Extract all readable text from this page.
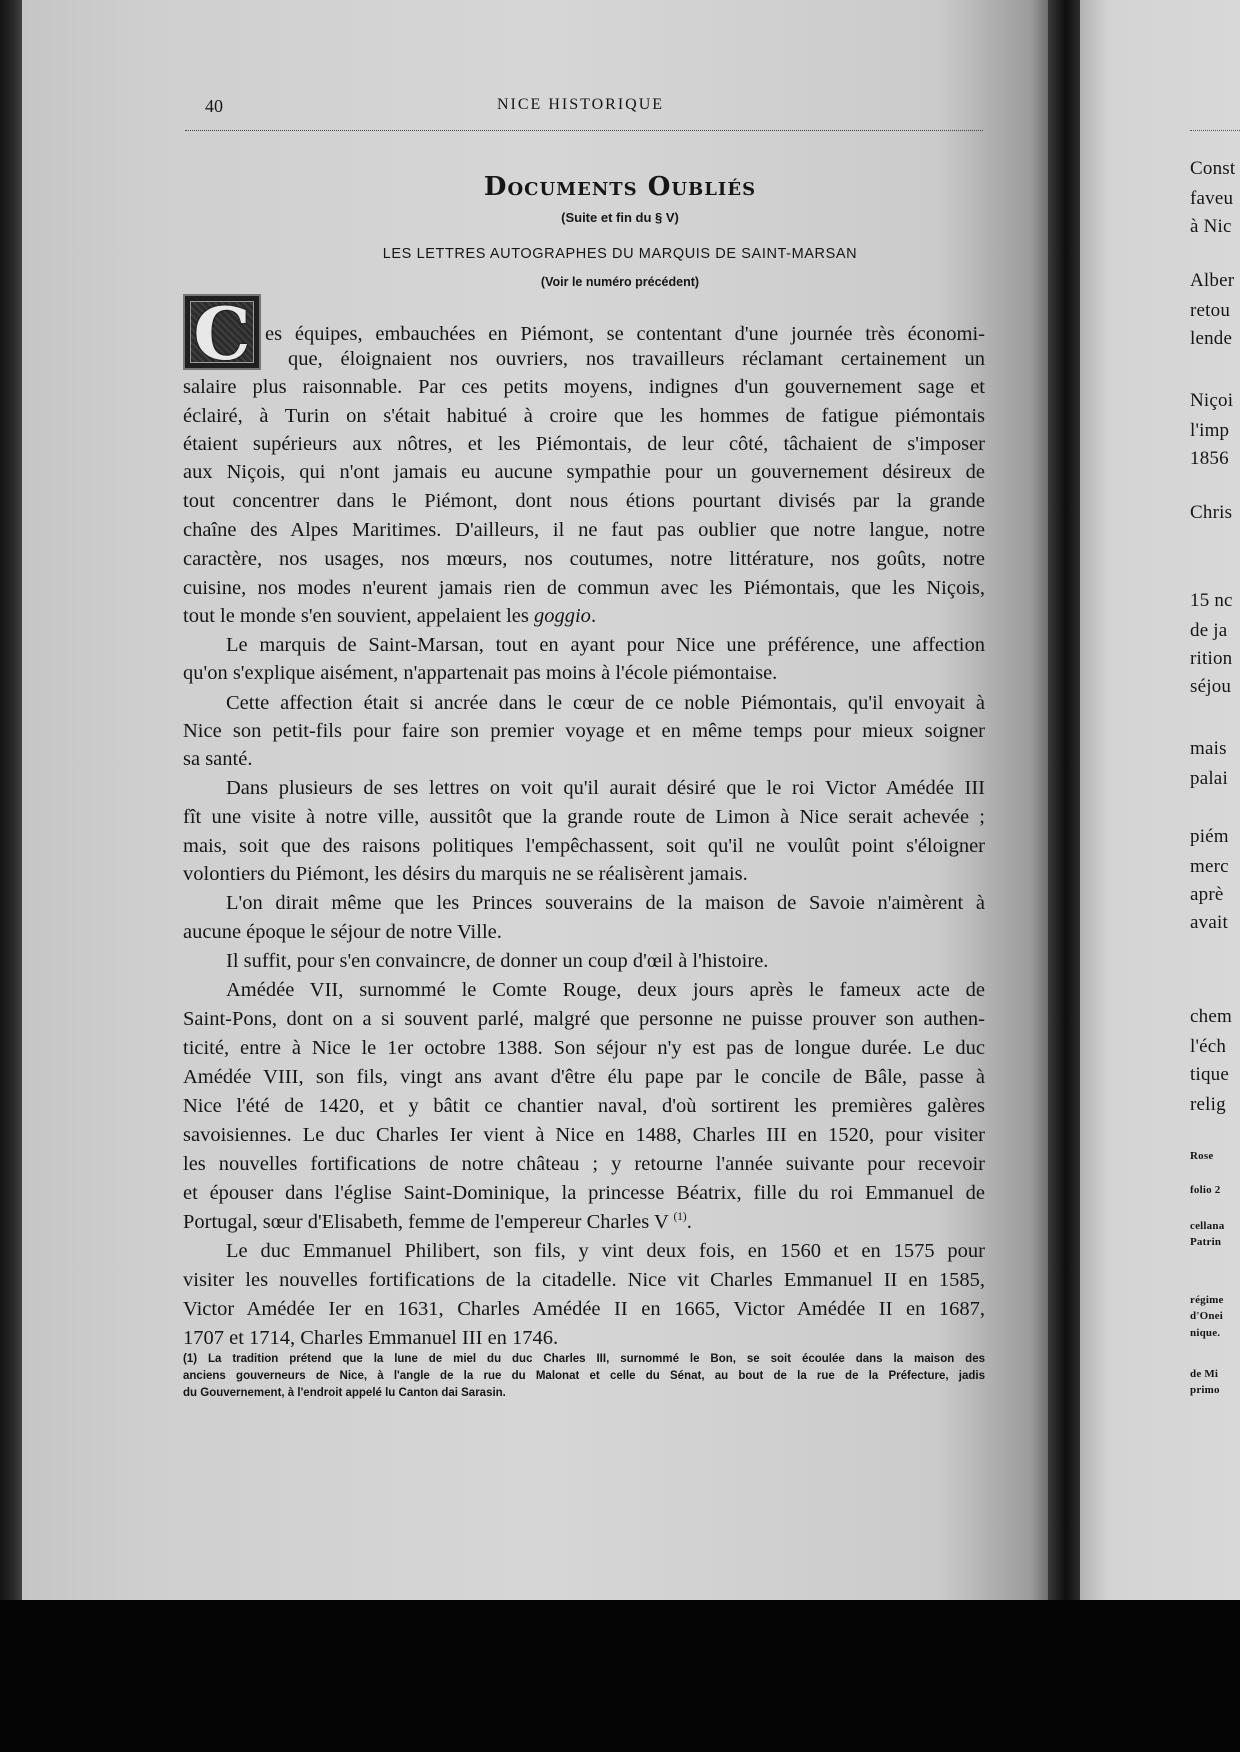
Const
faveu
à Nic
Alber
retou
lende
Niçoi
l'imp
1856
Chris
15 nc
de ja
rition
séjou
mais
palai
piém
merc
aprè
avait
chem
l'éch
tique
relig
Rose
folio 2
cellana
Patrin
régime
d'Onei
nique.
de Mi
primo
40	NICE HISTORIQUE
Documents Oubliés
(Suite et fin du § V)
LES LETTRES AUTOGRAPHES DU MARQUIS DE SAINT-MARSAN
(Voir le numéro précédent)
C es équipes, embauchées en Piémont, se contentant d'une journée très économi-
que, éloignaient nos ouvriers, nos travailleurs réclamant certainement un
salaire plus raisonnable. Par ces petits moyens, indignes d'un gouvernement sage et
éclairé, à Turin on s'était habitué à croire que les hommes de fatigue piémontais
étaient supérieurs aux nôtres, et les Piémontais, de leur côté, tâchaient de s'imposer
aux Niçois, qui n'ont jamais eu aucune sympathie pour un gouvernement désireux de
tout concentrer dans le Piémont, dont nous étions pourtant divisés par la grande
chaîne des Alpes Maritimes. D'ailleurs, il ne faut pas oublier que notre langue, notre
caractère, nos usages, nos mœurs, nos coutumes, notre littérature, nos goûts, notre
cuisine, nos modes n'eurent jamais rien de commun avec les Piémontais, que les Niçois,
tout le monde s'en souvient, appelaient les goggio.
Le marquis de Saint-Marsan, tout en ayant pour Nice une préférence, une affection
qu'on s'explique aisément, n'appartenait pas moins à l'école piémontaise.
Cette affection était si ancrée dans le cœur de ce noble Piémontais, qu'il envoyait à
Nice son petit-fils pour faire son premier voyage et en même temps pour mieux soigner
sa santé.
Dans plusieurs de ses lettres on voit qu'il aurait désiré que le roi Victor Amédée III
fît une visite à notre ville, aussitôt que la grande route de Limon à Nice serait achevée ;
mais, soit que des raisons politiques l'empêchassent, soit qu'il ne voulût point s'éloigner
volontiers du Piémont, les désirs du marquis ne se réalisèrent jamais.
L'on dirait même que les Princes souverains de la maison de Savoie n'aimèrent à
aucune époque le séjour de notre Ville.
Il suffit, pour s'en convaincre, de donner un coup d'œil à l'histoire.
Amédée VII, surnommé le Comte Rouge, deux jours après le fameux acte de
Saint-Pons, dont on a si souvent parlé, malgré que personne ne puisse prouver son authen-
ticité, entre à Nice le 1er octobre 1388. Son séjour n'y est pas de longue durée. Le duc
Amédée VIII, son fils, vingt ans avant d'être élu pape par le concile de Bâle, passe à
Nice l'été de 1420, et y bâtit ce chantier naval, d'où sortirent les premières galères
savoisiennes. Le duc Charles Ier vient à Nice en 1488, Charles III en 1520, pour visiter
les nouvelles fortifications de notre château ; y retourne l'année suivante pour recevoir
et épouser dans l'église Saint-Dominique, la princesse Béatrix, fille du roi Emmanuel de
Portugal, sœur d'Elisabeth, femme de l'empereur Charles V $^{(1)}$.
Le duc Emmanuel Philibert, son fils, y vint deux fois, en 1560 et en 1575 pour
visiter les nouvelles fortifications de la citadelle. Nice vit Charles Emmanuel II en 1585,
Victor Amédée Ier en 1631, Charles Amédée II en 1665, Victor Amédée II en 1687,
1707 et 1714, Charles Emmanuel III en 1746.
(1) La tradition prétend que la lune de miel du duc Charles III, surnommé le Bon, se soit écoulée dans la maison des
anciens gouverneurs de Nice, à l'angle de la rue du Malonat et celle du Sénat, au bout de la rue de la Préfecture, jadis
du Gouvernement, à l'endroit appelé lu Canton dai Sarasin.
